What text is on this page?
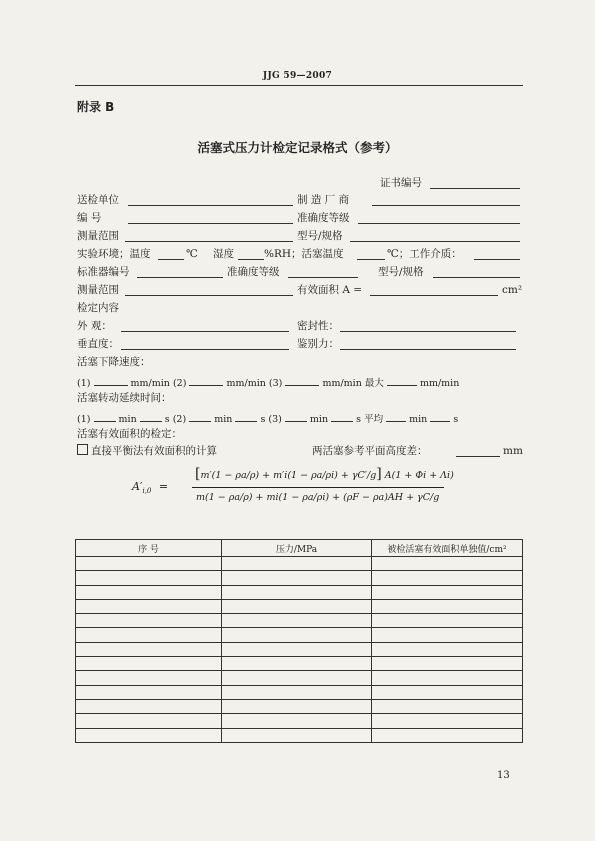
JJG 59—2007
附录 B
活塞式压力计检定记录格式（参考）
证书编号
送检单位	制 造 厂 商
编 号	准确度等级
测量范围	型号/规格
实验环境；温度	℃ 湿度	%RH；活塞温度	℃；工作介质：
标准器编号	准确度等级	型号/规格
测量范围	有效面积 A =	cm²
检定内容
外 观：	密封性：
垂直度：	鉴别力：
活塞下降速度：
(1)	mm/min (2)	mm/min (3)	mm/min 最大	mm/min
活塞转动延续时间：
(1)	min	s (2)	min	s (3)	min	s 平均	min	s
活塞有效面积的检定：
直接平衡法有效面积的计算	两活塞参考平面高度差：	mm
$A'_{i,0}$ =
[m′(1 − ρa/ρ) + m′i(1 − ρa/ρi) + γC′/g] A(1 + Φi + Λi)
m(1 − ρa/ρ) + mi(1 − ρa/ρi) + (ρF − ρa)AH + γC/g
序 号	压力/MPa	被检活塞有效面积单独值/cm²

13
